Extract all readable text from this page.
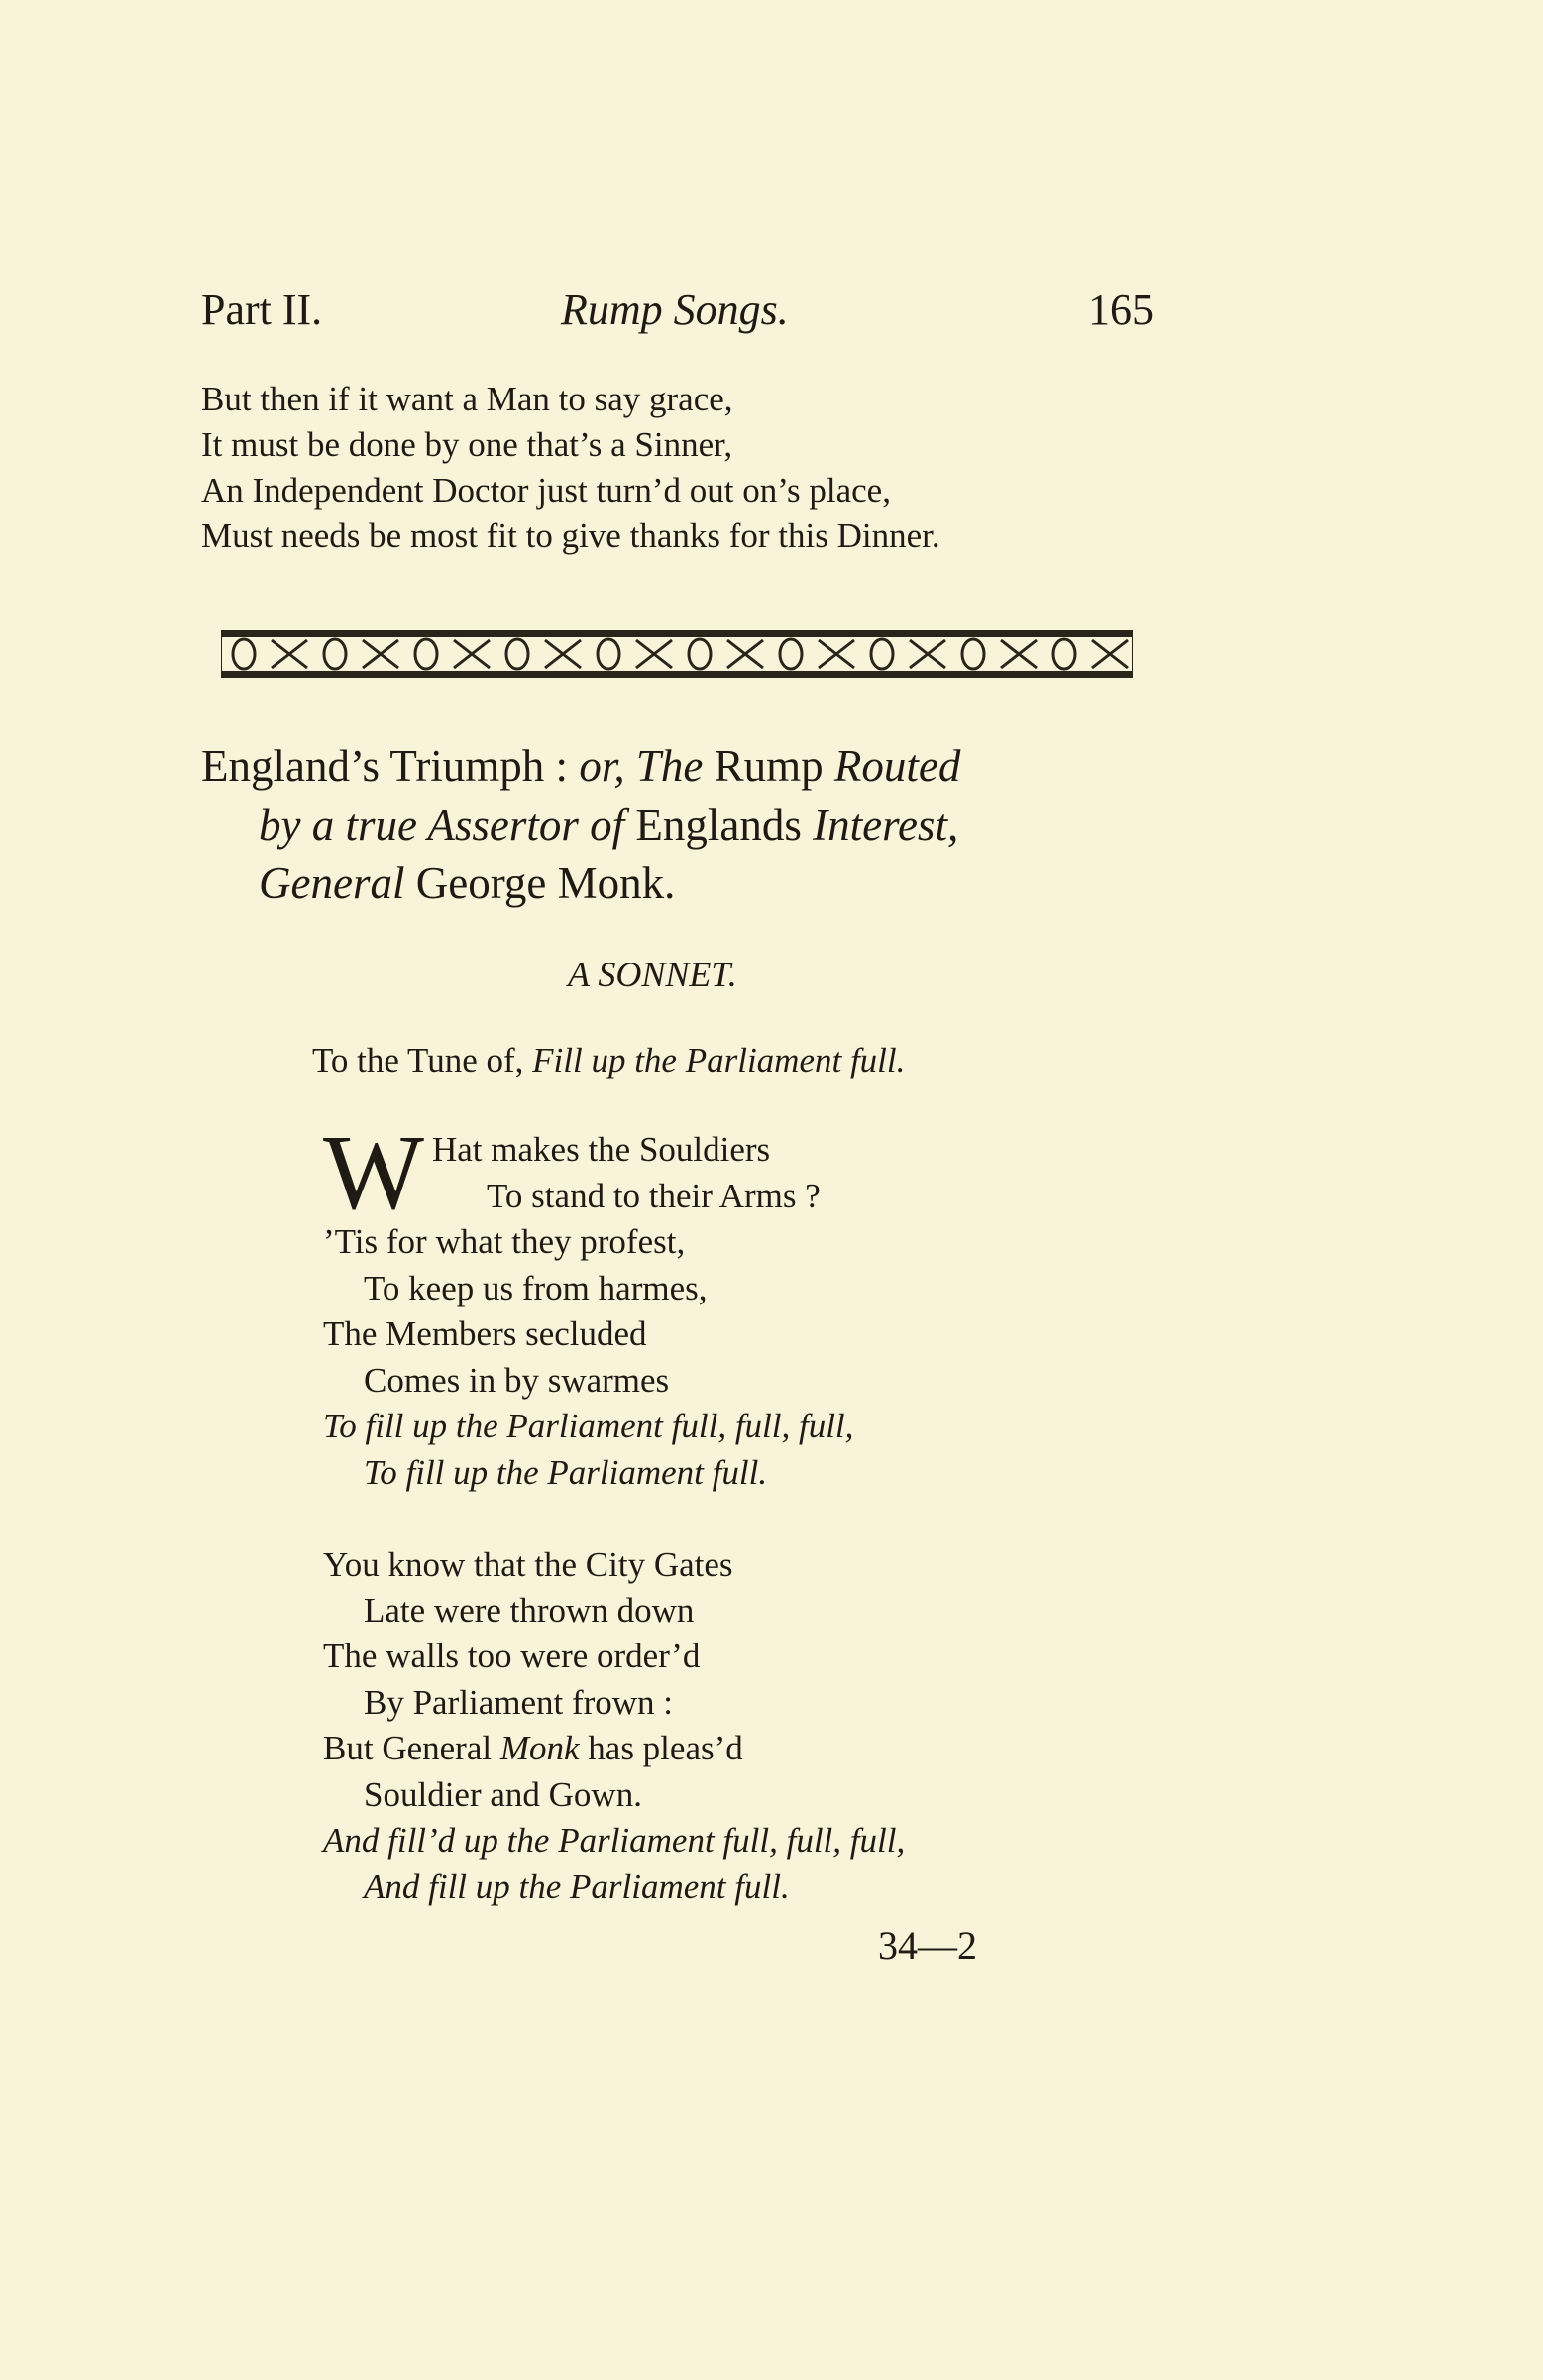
Part II.	Rump Songs.	165
But then if it want a Man to say grace,
It must be done by one that’s a Sinner,
An Independent Doctor just turn’d out on’s place,
Must needs be most fit to give thanks for this Dinner.
England’s Triumph : or, The Rump Routed
by a true Assertor of Englands Interest,
General George Monk.
A SONNET.
To the Tune of, Fill up the Parliament full.
W Hat makes the Souldiers
To stand to their Arms ?
’Tis for what they profest,
To keep us from harmes,
The Members secluded
Comes in by swarmes
To fill up the Parliament full, full, full,
To fill up the Parliament full.
You know that the City Gates
Late were thrown down
The walls too were order’d
By Parliament frown :
But General Monk has pleas’d
Souldier and Gown.
And fill’d up the Parliament full, full, full,
And fill up the Parliament full.
34—2
